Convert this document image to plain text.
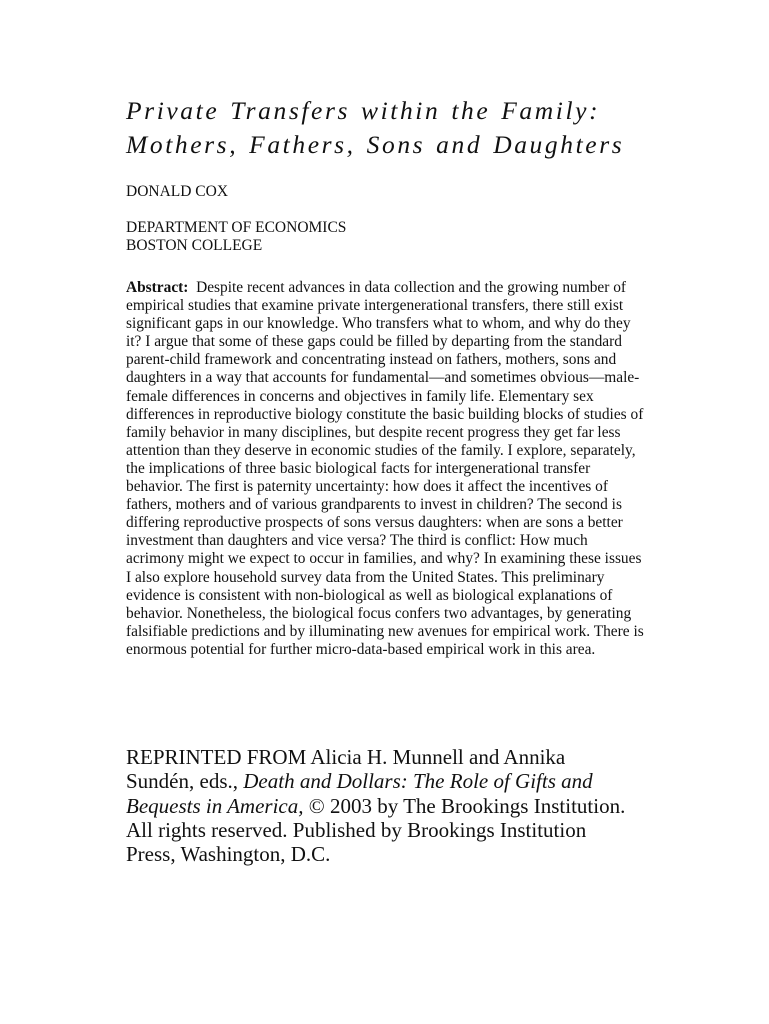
Private Transfers within the Family:
Mothers, Fathers, Sons and Daughters
DONALD COX
DEPARTMENT OF ECONOMICS
BOSTON COLLEGE

Abstract: Despite recent advances in data collection and the growing number of empirical studies that examine private intergenerational transfers, there still exist significant gaps in our knowledge. Who transfers what to whom, and why do they it? I argue that some of these gaps could be filled by departing from the standard parent-child framework and concentrating instead on fathers, mothers, sons and daughters in a way that accounts for fundamental—and sometimes obvious—male-female differences in concerns and objectives in family life. Elementary sex differences in reproductive biology constitute the basic building blocks of studies of family behavior in many disciplines, but despite recent progress they get far less attention than they deserve in economic studies of the family. I explore, separately, the implications of three basic biological facts for intergenerational transfer behavior. The first is paternity uncertainty: how does it affect the incentives of fathers, mothers and of various grandparents to invest in children? The second is differing reproductive prospects of sons versus daughters: when are sons a better investment than daughters and vice versa? The third is conflict: How much acrimony might we expect to occur in families, and why? In examining these issues I also explore household survey data from the United States. This preliminary evidence is consistent with non-biological as well as biological explanations of behavior. Nonetheless, the biological focus confers two advantages, by generating falsifiable predictions and by illuminating new avenues for empirical work. There is enormous potential for further micro-data-based empirical work in this area.

REPRINTED FROM Alicia H. Munnell and Annika Sundén, eds., Death and Dollars: The Role of Gifts and Bequests in America, © 2003 by The Brookings Institution. All rights reserved. Published by Brookings Institution Press, Washington, D.C.
